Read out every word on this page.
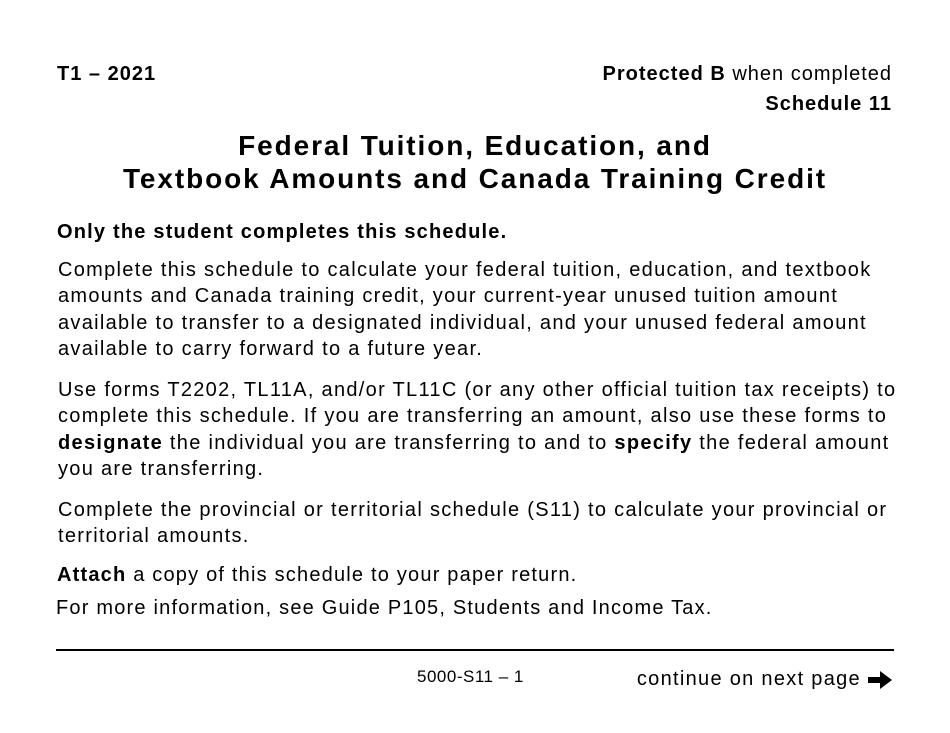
T1 – 2021	Protected B when completed
Schedule 11
Federal Tuition, Education, and
Textbook Amounts and Canada Training Credit
Only the student completes this schedule.
Complete this schedule to calculate your federal tuition, education, and textbook amounts and Canada training credit, your current-year unused tuition amount available to transfer to a designated individual, and your unused federal amount available to carry forward to a future year.
Use forms T2202, TL11A, and/or TL11C (or any other official tuition tax receipts) to complete this schedule. If you are transferring an amount, also use these forms to designate the individual you are transferring to and to specify the federal amount you are transferring.
Complete the provincial or territorial schedule (S11) to calculate your provincial or territorial amounts.
Attach a copy of this schedule to your paper return.
For more information, see Guide P105, Students and Income Tax.
5000-S11 – 1	continue on next page
